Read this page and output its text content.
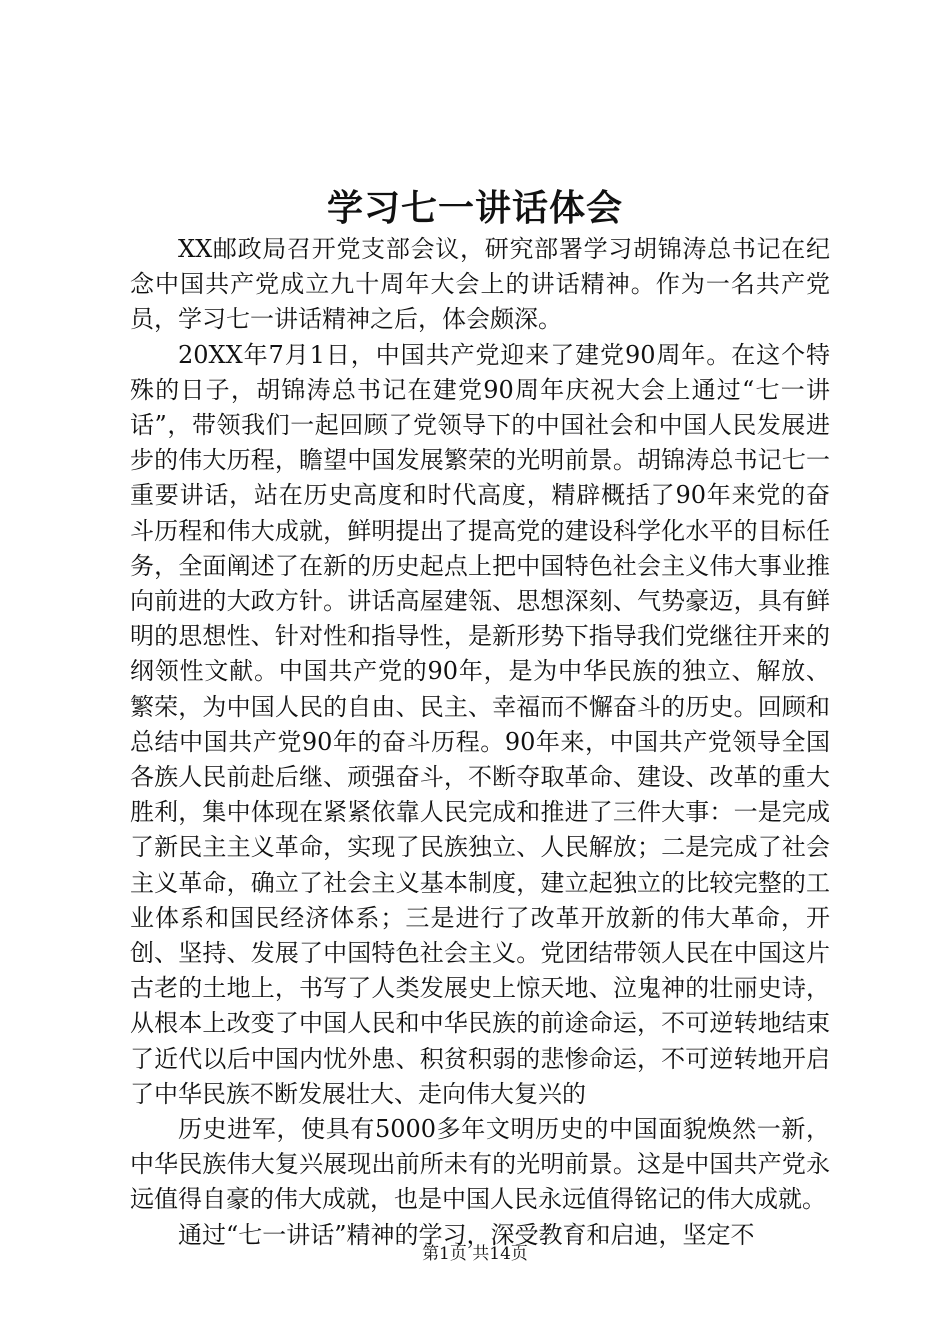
学习七一讲话体会

XX邮政局召开党支部会议，研究部署学习胡锦涛总书记在纪念中国共产党成立九十周年大会上的讲话精神。作为一名共产党员，学习七一讲话精神之后，体会颇深。

20XX年7月1日，中国共产党迎来了建党90周年。在这个特殊的日子，胡锦涛总书记在建党90周年庆祝大会上通过“七一讲话”，带领我们一起回顾了党领导下的中国社会和中国人民发展进步的伟大历程，瞻望中国发展繁荣的光明前景。胡锦涛总书记七一重要讲话，站在历史高度和时代高度，精辟概括了90年来党的奋斗历程和伟大成就，鲜明提出了提高党的建设科学化水平的目标任务，全面阐述了在新的历史起点上把中国特色社会主义伟大事业推向前进的大政方针。讲话高屋建瓴、思想深刻、气势豪迈，具有鲜明的思想性、针对性和指导性，是新形势下指导我们党继往开来的纲领性文献。中国共产党的90年，是为中华民族的独立、解放、繁荣，为中国人民的自由、民主、幸福而不懈奋斗的历史。回顾和总结中国共产党90年的奋斗历程。90年来，中国共产党领导全国各族人民前赴后继、顽强奋斗，不断夺取革命、建设、改革的重大胜利，集中体现在紧紧依靠人民完成和推进了三件大事：一是完成了新民主主义革命，实现了民族独立、人民解放；二是完成了社会主义革命，确立了社会主义基本制度，建立起独立的比较完整的工业体系和国民经济体系；三是进行了改革开放新的伟大革命，开创、坚持、发展了中国特色社会主义。党团结带领人民在中国这片古老的土地上，书写了人类发展史上惊天地、泣鬼神的壮丽史诗，从根本上改变了中国人民和中华民族的前途命运，不可逆转地结束了近代以后中国内忧外患、积贫积弱的悲惨命运，不可逆转地开启了中华民族不断发展壮大、走向伟大复兴的

历史进军，使具有5000多年文明历史的中国面貌焕然一新，中华民族伟大复兴展现出前所未有的光明前景。这是中国共产党永远值得自豪的伟大成就，也是中国人民永远值得铭记的伟大成就。

通过“七一讲话”精神的学习，深受教育和启迪，坚定不

第1页 共14页
